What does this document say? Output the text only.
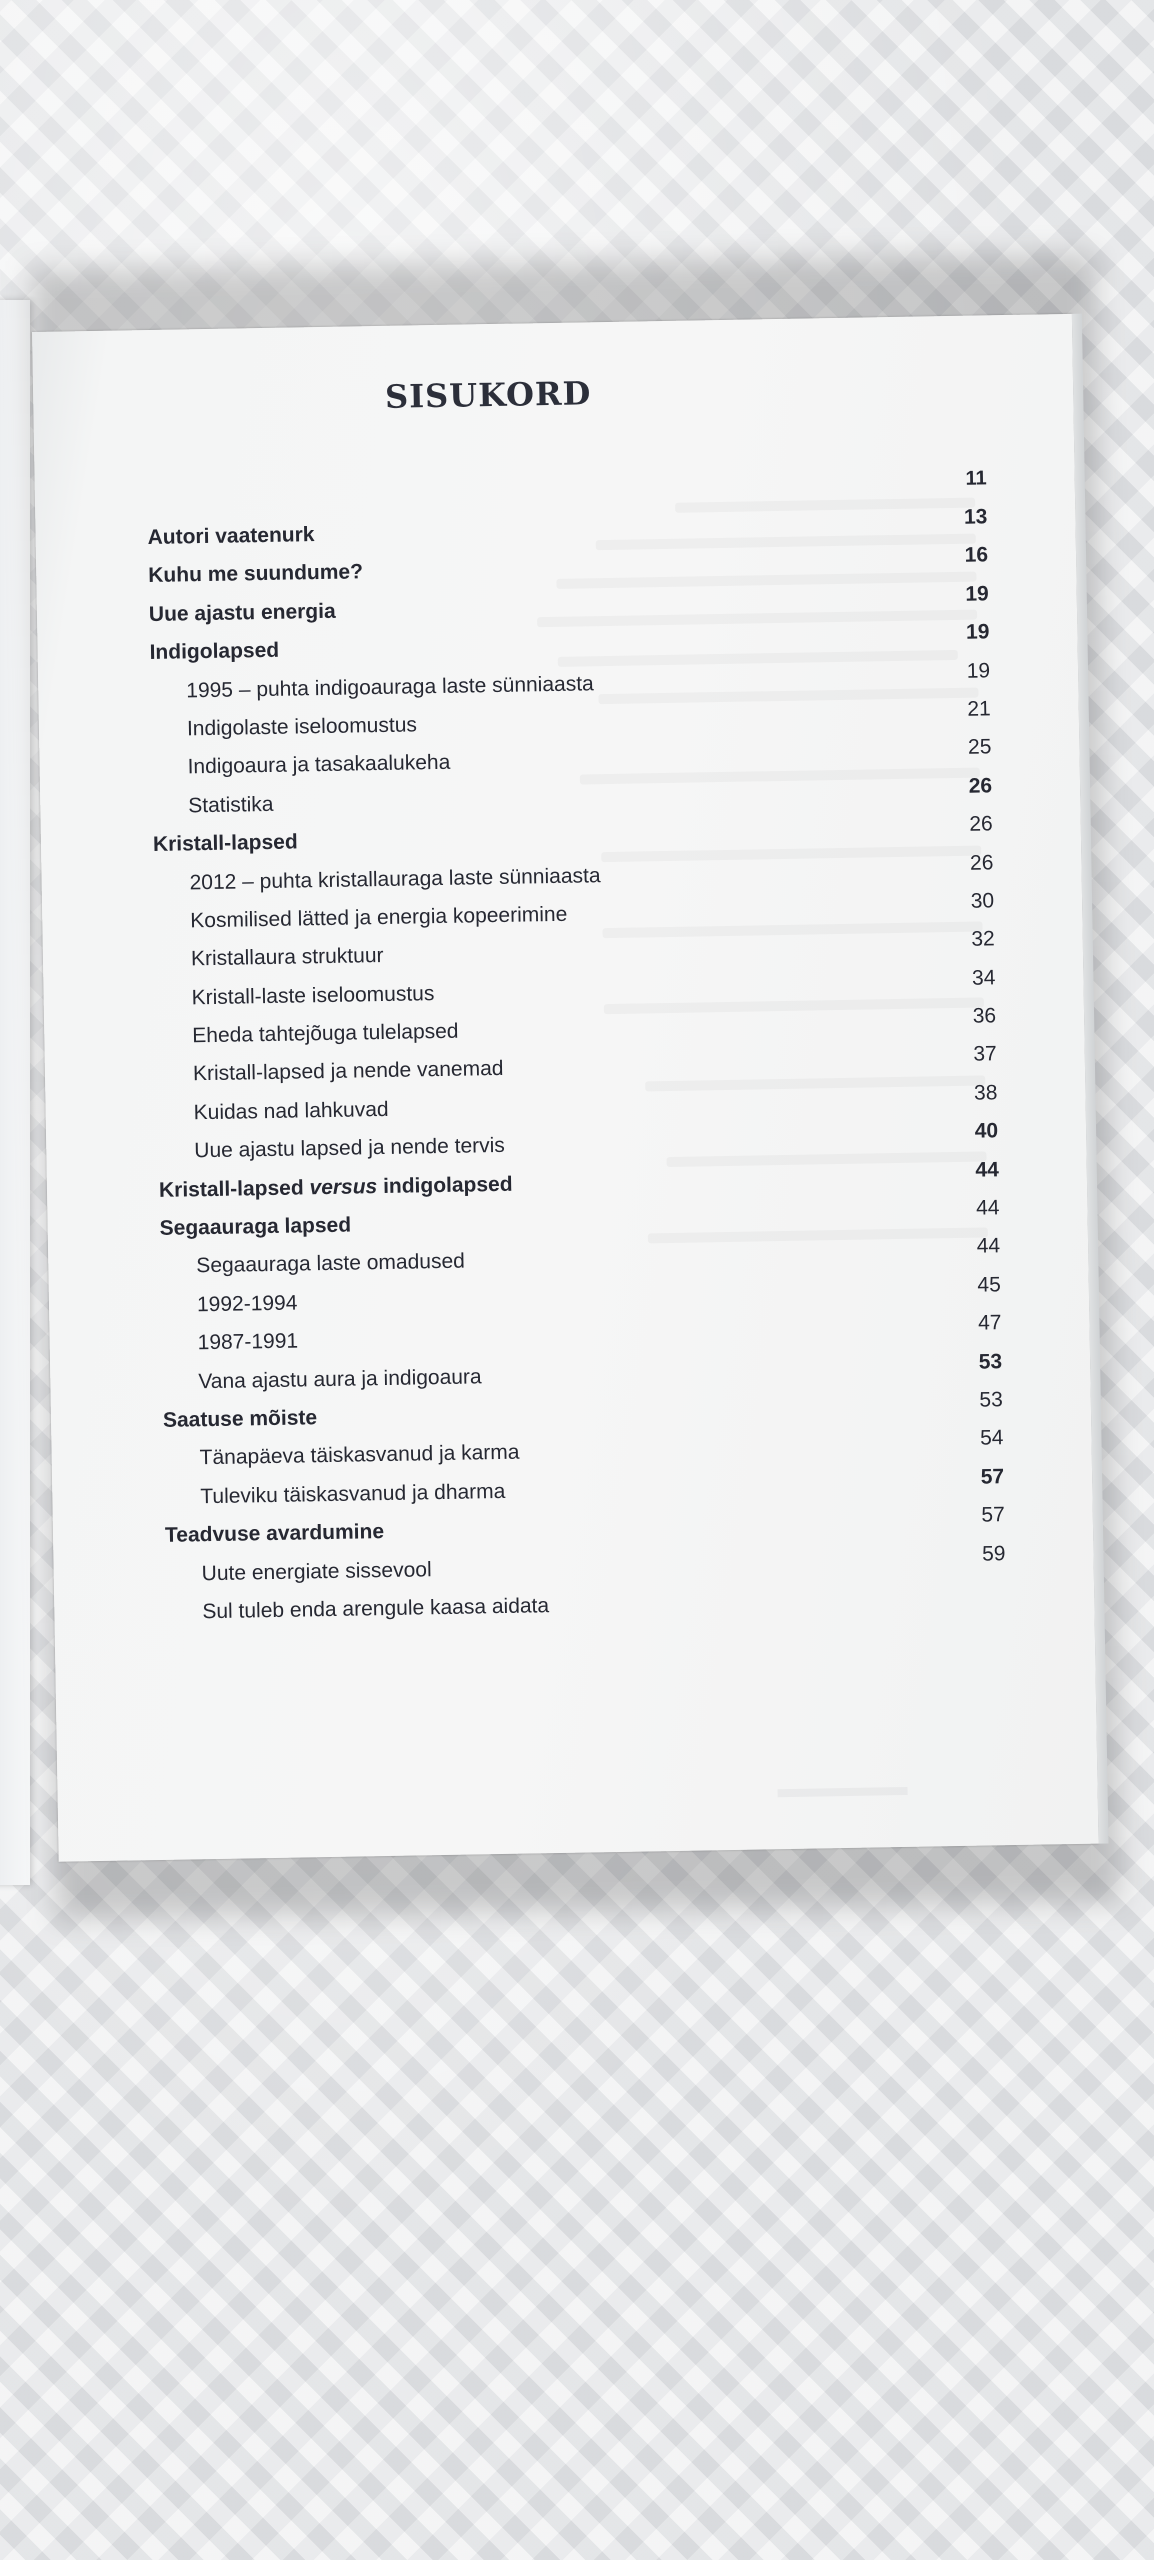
SISUKORD
11
Autori vaatenurk
13
Kuhu me suundume?
16
Uue ajastu energia
19
Indigolapsed
19
1995 – puhta indigoauraga laste sünniaasta
19
Indigolaste iseloomustus
21
Indigoaura ja tasakaalukeha
25
Statistika
26
Kristall-lapsed
26
2012 – puhta kristallauraga laste sünniaasta
26
Kosmilised lätted ja energia kopeerimine
30
Kristallaura struktuur
32
Kristall-laste iseloomustus
34
Eheda tahtejõuga tulelapsed
36
Kristall-lapsed ja nende vanemad
37
Kuidas nad lahkuvad
38
Uue ajastu lapsed ja nende tervis
40
Kristall-lapsed versus indigolapsed
44
Segaauraga lapsed
44
Segaauraga laste omadused
44
1992-1994
45
1987-1991
47
Vana ajastu aura ja indigoaura
53
Saatuse mõiste
53
Tänapäeva täiskasvanud ja karma
54
Tuleviku täiskasvanud ja dharma
57
Teadvuse avardumine
57
Uute energiate sissevool
59
Sul tuleb enda arengule kaasa aidata
